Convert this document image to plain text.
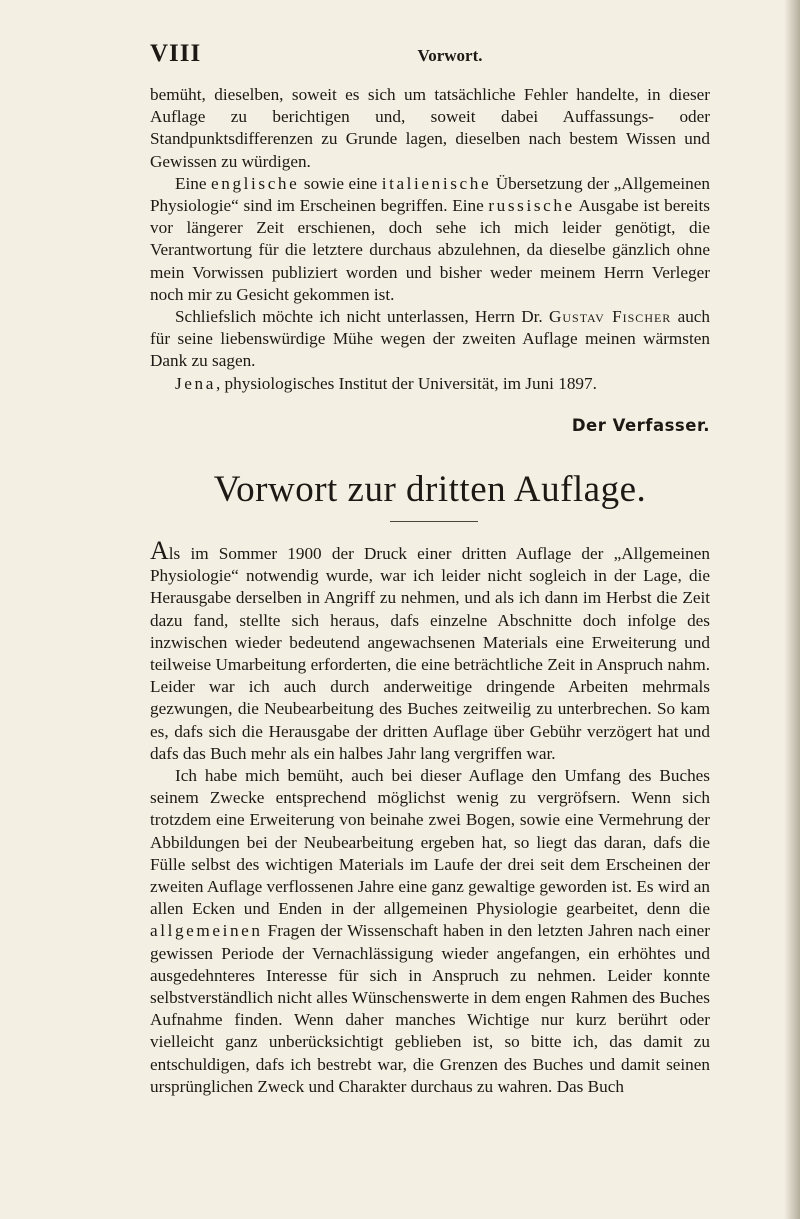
VIII	Vorwort.

bemüht, dieselben, soweit es sich um tatsächliche Fehler handelte, in dieser Auflage zu berichtigen und, soweit dabei Auffassungs- oder Standpunktsdifferenzen zu Grunde lagen, dieselben nach bestem Wissen und Gewissen zu würdigen.

Eine englische sowie eine italienische Übersetzung der „Allgemeinen Physiologie“ sind im Erscheinen begriffen. Eine russische Ausgabe ist bereits vor längerer Zeit erschienen, doch sehe ich mich leider genötigt, die Verantwortung für die letztere durchaus abzulehnen, da dieselbe gänzlich ohne mein Vorwissen publiziert worden und bisher weder meinem Herrn Verleger noch mir zu Gesicht gekommen ist.

Schliefslich möchte ich nicht unterlassen, Herrn Dr. Gustav Fischer auch für seine liebenswürdige Mühe wegen der zweiten Auflage meinen wärmsten Dank zu sagen.

Jena, physiologisches Institut der Universität, im Juni 1897.

Der Verfasser.
Vorwort zur dritten Auflage.

Als im Sommer 1900 der Druck einer dritten Auflage der „Allgemeinen Physiologie“ notwendig wurde, war ich leider nicht sogleich in der Lage, die Herausgabe derselben in Angriff zu nehmen, und als ich dann im Herbst die Zeit dazu fand, stellte sich heraus, dafs einzelne Abschnitte doch infolge des inzwischen wieder bedeutend angewachsenen Materials eine Erweiterung und teilweise Umarbeitung erforderten, die eine beträchtliche Zeit in Anspruch nahm. Leider war ich auch durch anderweitige dringende Arbeiten mehrmals gezwungen, die Neubearbeitung des Buches zeitweilig zu unterbrechen. So kam es, dafs sich die Herausgabe der dritten Auflage über Gebühr verzögert hat und dafs das Buch mehr als ein halbes Jahr lang vergriffen war.

Ich habe mich bemüht, auch bei dieser Auflage den Umfang des Buches seinem Zwecke entsprechend möglichst wenig zu vergröfsern. Wenn sich trotzdem eine Erweiterung von beinahe zwei Bogen, sowie eine Vermehrung der Abbildungen bei der Neubearbeitung ergeben hat, so liegt das daran, dafs die Fülle selbst des wichtigen Materials im Laufe der drei seit dem Erscheinen der zweiten Auflage verflossenen Jahre eine ganz gewaltige geworden ist. Es wird an allen Ecken und Enden in der allgemeinen Physiologie gearbeitet, denn die allgemeinen Fragen der Wissenschaft haben in den letzten Jahren nach einer gewissen Periode der Vernachlässigung wieder angefangen, ein erhöhtes und ausgedehnteres Interesse für sich in Anspruch zu nehmen. Leider konnte selbstverständlich nicht alles Wünschenswerte in dem engen Rahmen des Buches Aufnahme finden. Wenn daher manches Wichtige nur kurz berührt oder vielleicht ganz unberücksichtigt geblieben ist, so bitte ich, das damit zu entschuldigen, dafs ich bestrebt war, die Grenzen des Buches und damit seinen ursprünglichen Zweck und Charakter durchaus zu wahren. Das Buch
